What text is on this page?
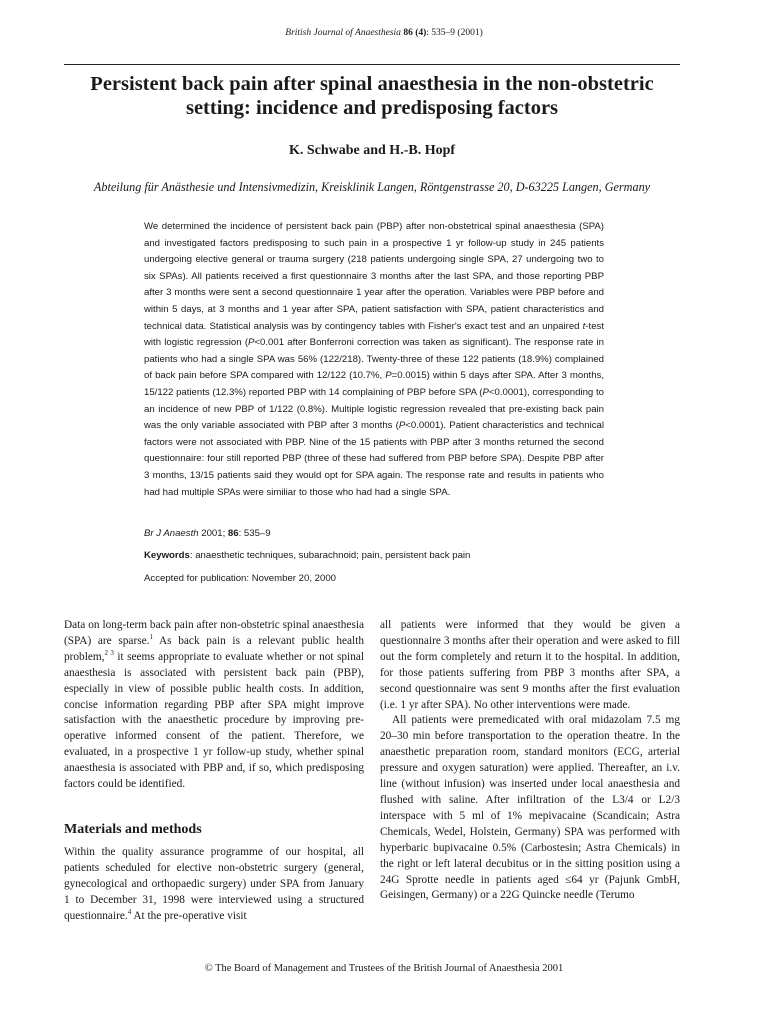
British Journal of Anaesthesia 86 (4): 535–9 (2001)
Persistent back pain after spinal anaesthesia in the non-obstetric setting: incidence and predisposing factors
K. Schwabe and H.-B. Hopf
Abteilung für Anästhesie und Intensivmedizin, Kreisklinik Langen, Röntgenstrasse 20, D-63225 Langen, Germany

We determined the incidence of persistent back pain (PBP) after non-obstetrical spinal anaesthesia (SPA) and investigated factors predisposing to such pain in a prospective 1 yr follow-up study in 245 patients undergoing elective general or trauma surgery (218 patients undergoing single SPA, 27 undergoing two to six SPAs). All patients received a first questionnaire 3 months after the last SPA, and those reporting PBP after 3 months were sent a second questionnaire 1 year after the operation. Variables were PBP before and within 5 days, at 3 months and 1 year after SPA, patient satisfaction with SPA, patient characteristics and technical data. Statistical analysis was by contingency tables with Fisher's exact test and an unpaired t-test with logistic regression (P<0.001 after Bonferroni correction was taken as significant). The response rate in patients who had a single SPA was 56% (122/218). Twenty-three of these 122 patients (18.9%) complained of back pain before SPA compared with 12/122 (10.7%, P=0.0015) within 5 days after SPA. After 3 months, 15/122 patients (12.3%) reported PBP with 14 complaining of PBP before SPA (P<0.0001), corresponding to an incidence of new PBP of 1/122 (0.8%). Multiple logistic regression revealed that pre-existing back pain was the only variable associated with PBP after 3 months (P<0.0001). Patient characteristics and technical factors were not associated with PBP. Nine of the 15 patients with PBP after 3 months returned the second questionnaire: four still reported PBP (three of these had suffered from PBP before SPA). Despite PBP after 3 months, 13/15 patients said they would opt for SPA again. The response rate and results in patients who had had multiple SPAs were similiar to those who had had a single SPA.

Br J Anaesth 2001; 86: 535–9
Keywords: anaesthetic techniques, subarachnoid; pain, persistent back pain
Accepted for publication: November 20, 2000

Data on long-term back pain after non-obstetric spinal anaesthesia (SPA) are sparse.$^1$ As back pain is a relevant public health problem,$^{2 3}$ it seems appropriate to evaluate whether or not spinal anaesthesia is associated with persistent back pain (PBP), especially in view of possible public health costs. In addition, concise information regarding PBP after SPA might improve satisfaction with the anaesthetic procedure by improving pre-operative informed consent of the patient. Therefore, we evaluated, in a prospective 1 yr follow-up study, whether spinal anaesthesia is associated with PBP and, if so, which predisposing factors could be identified.

Materials and methods

Within the quality assurance programme of our hospital, all patients scheduled for elective non-obstetric surgery (general, gynecological and orthopaedic surgery) under SPA from January 1 to December 31, 1998 were interviewed using a structured questionnaire.$^4$ At the pre-operative visit

all patients were informed that they would be given a questionnaire 3 months after their operation and were asked to fill out the form completely and return it to the hospital. In addition, for those patients suffering from PBP 3 months after SPA, a second questionnaire was sent 9 months after the first evaluation (i.e. 1 yr after SPA). No other interventions were made.

All patients were premedicated with oral midazolam 7.5 mg 20–30 min before transportation to the operation theatre. In the anaesthetic preparation room, standard monitors (ECG, arterial pressure and oxygen saturation) were applied. Thereafter, an i.v. line (without infusion) was inserted under local anaesthesia and flushed with saline. After infiltration of the L3/4 or L2/3 interspace with 5 ml of 1% mepivacaine (Scandicain; Astra Chemicals, Wedel, Holstein, Germany) SPA was performed with hyperbaric bupivacaine 0.5% (Carbostesin; Astra Chemicals) in the right or left lateral decubitus or in the sitting position using a 24G Sprotte needle in patients aged ≤64 yr (Pajunk GmbH, Geisingen, Germany) or a 22G Quincke needle (Terumo

© The Board of Management and Trustees of the British Journal of Anaesthesia 2001
